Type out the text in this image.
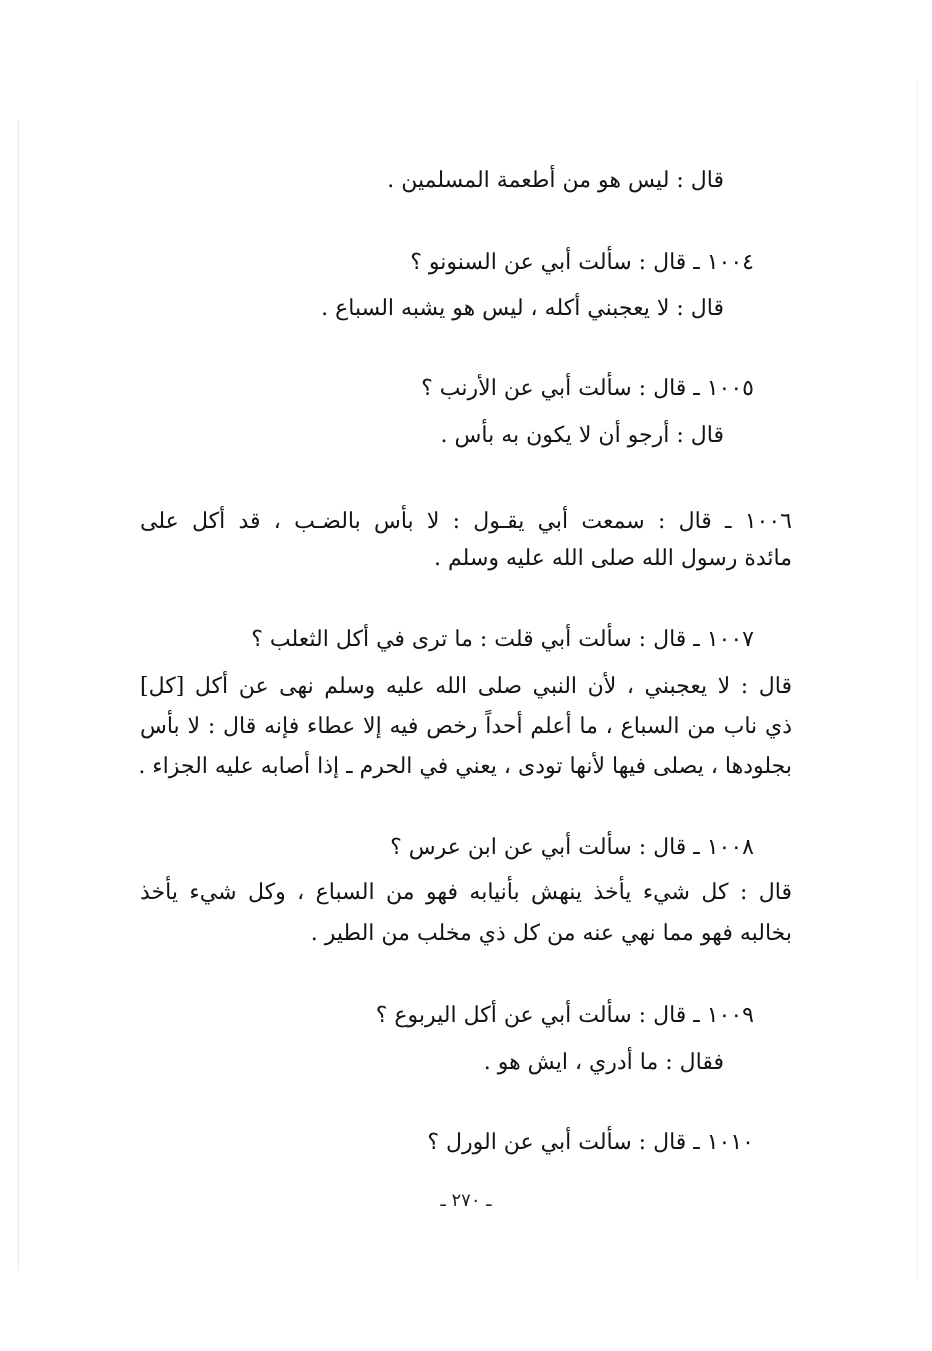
قال : ليس هو من أطعمة المسلمين .
١٠٠٤ ـ قال : سألت أبي عن السنونو ؟
قال : لا يعجبني أكله ، ليس هو يشبه السباع .
١٠٠٥ ـ قال : سألت أبي عن الأرنب ؟
قال : أرجو أن لا يكون به بأس .
١٠٠٦ ـ قال : سمعت أبي يقـول : لا بأس بالضـب ، قد أكل على
مائدة رسول الله صلى الله عليه وسلم .
١٠٠٧ ـ قال : سألت أبي قلت : ما ترى في أكل الثعلب ؟
قال : لا يعجبني ، لأن النبي صلى الله عليه وسلم نهى عن أكل [كل]
ذي ناب من السباع ، ما أعلم أحداً رخص فيه إلا عطاء فإنه قال : لا بأس
بجلودها ، يصلى فيها لأنها تودى ، يعني في الحرم ـ إذا أصابه عليه الجزاء .
١٠٠٨ ـ قال : سألت أبي عن ابن عرس ؟
قال : كل شيء يأخذ ينهش بأنيابه فهو من السباع ، وكل شيء يأخذ
بخالبه فهو مما نهي عنه من كل ذي مخلب من الطير .
١٠٠٩ ـ قال : سألت أبي عن أكل اليربوع ؟
فقال : ما أدري ، ايش هو .
١٠١٠ ـ قال : سألت أبي عن الورل ؟
ـ ٢٧٠ ـ
